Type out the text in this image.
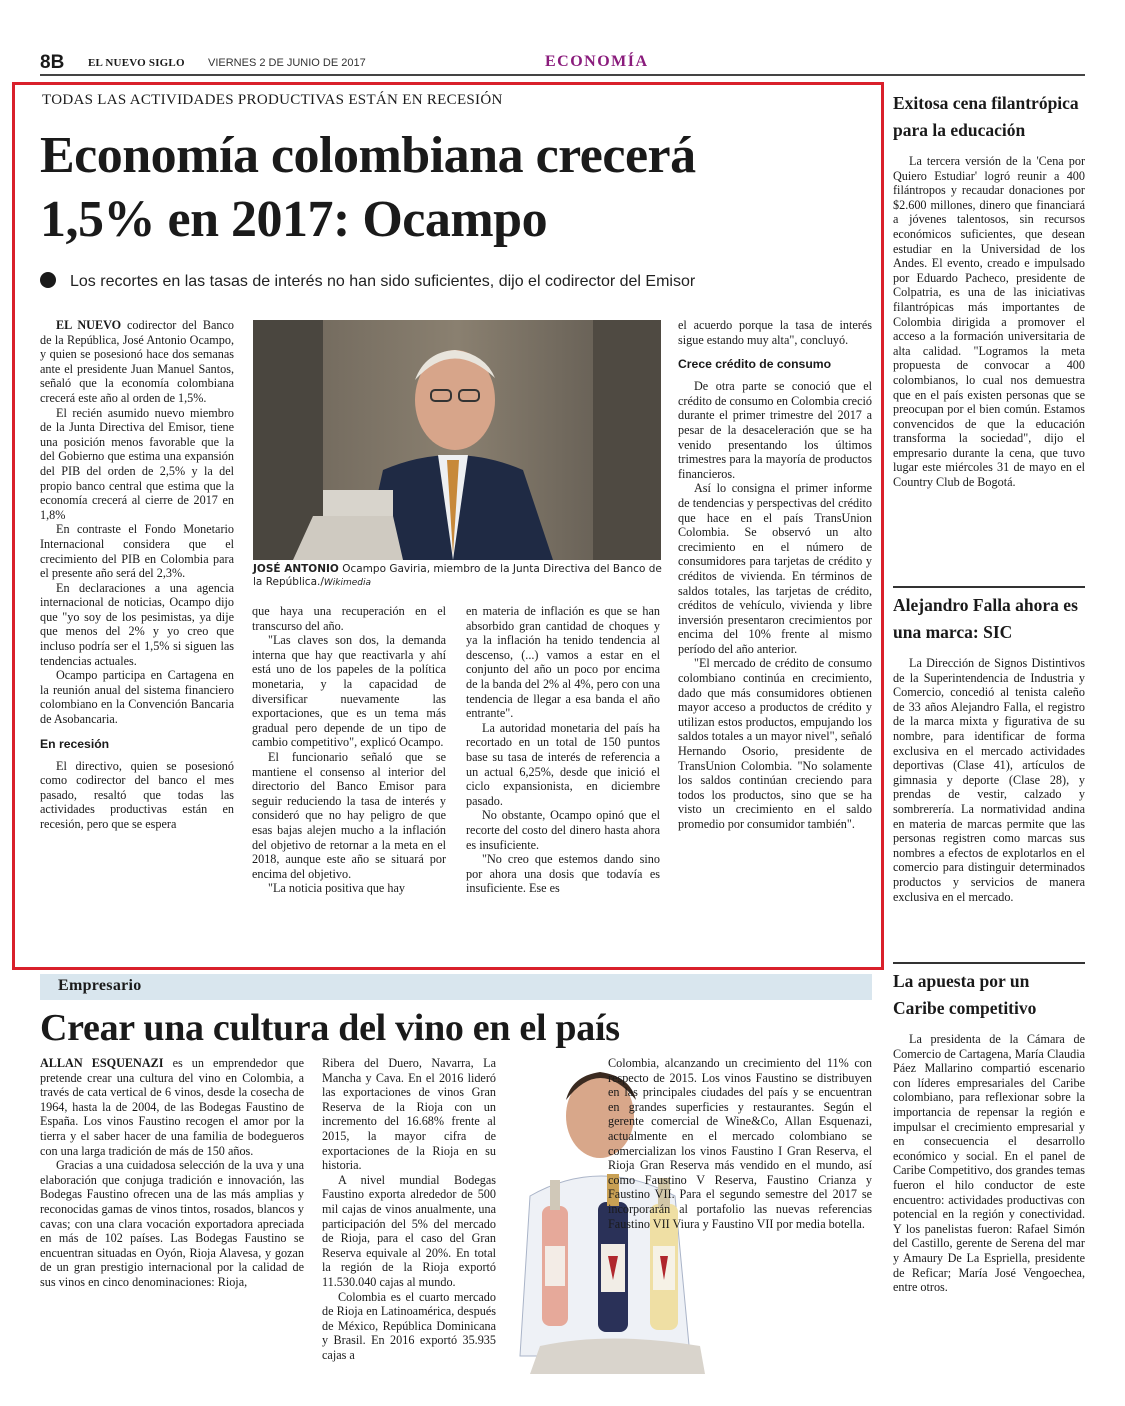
8B EL NUEVO SIGLO VIERNES 2 DE JUNIO DE 2017	ECONOMÍA
TODAS LAS ACTIVIDADES PRODUCTIVAS ESTÁN EN RECESIÓN
Economía colombiana crecerá
1,5% en 2017: Ocampo
Los recortes en las tasas de interés no han sido suficientes, dijo el codirector del Emisor

EL NUEVO codirector del Banco de la República, José Antonio Ocampo, y quien se posesionó hace dos semanas ante el presidente Juan Manuel Santos, señaló que la economía colombiana crecerá este año al orden de 1,5%.

El recién asumido nuevo miembro de la Junta Directiva del Emisor, tiene una posición menos favorable que la del Gobierno que estima una expansión del PIB del orden de 2,5% y la del propio banco central que estima que la economía crecerá al cierre de 2017 en 1,8%

En contraste el Fondo Monetario Internacional considera que el crecimiento del PIB en Colombia para el presente año será del 2,3%.

En declaraciones a una agencia internacional de noticias, Ocampo dijo que "yo soy de los pesimistas, ya dije que menos del 2% y yo creo que incluso podría ser el 1,5% si siguen las tendencias actuales.

Ocampo participa en Cartagena en la reunión anual del sistema financiero colombiano en la Convención Bancaria de Asobancaria.

En recesión

El directivo, quien se posesionó como codirector del banco el mes pasado, resaltó que todas las actividades productivas están en recesión, pero que se espera

JOSÉ ANTONIO Ocampo Gaviria, miembro de la Junta Directiva del Banco de la República./Wikimedia

que haya una recuperación en el transcurso del año.

"Las claves son dos, la demanda interna que hay que reactivarla y ahí está uno de los papeles de la política monetaria, y la capacidad de diversificar nuevamente las exportaciones, que es un tema más gradual pero depende de un tipo de cambio competitivo", explicó Ocampo.

El funcionario señaló que se mantiene el consenso al interior del directorio del Banco Emisor para seguir reduciendo la tasa de interés y consideró que no hay peligro de que esas bajas alejen mucho a la inflación del objetivo de retornar a la meta en el 2018, aunque este año se situará por encima del objetivo.

"La noticia positiva que hay

en materia de inflación es que se han absorbido gran cantidad de choques y ya la inflación ha tenido tendencia al descenso, (...) vamos a estar en el conjunto del año un poco por encima de la banda del 2% al 4%, pero con una tendencia de llegar a esa banda el año entrante".

La autoridad monetaria del país ha recortado en un total de 150 puntos base su tasa de interés de referencia a un actual 6,25%, desde que inició el ciclo expansionista, en diciembre pasado.

No obstante, Ocampo opinó que el recorte del costo del dinero hasta ahora es insuficiente.

"No creo que estemos dando sino por ahora una dosis que todavía es insuficiente. Ese es

el acuerdo porque la tasa de interés sigue estando muy alta", concluyó.

Crece crédito de consumo

De otra parte se conoció que el crédito de consumo en Colombia creció durante el primer trimestre del 2017 a pesar de la desaceleración que se ha venido presentando los últimos trimestres para la mayoría de productos financieros.

Así lo consigna el primer informe de tendencias y perspectivas del crédito que hace en el país TransUnion Colombia. Se observó un alto crecimiento en el número de consumidores para tarjetas de crédito y créditos de vivienda. En términos de saldos totales, las tarjetas de crédito, créditos de vehículo, vivienda y libre inversión presentaron crecimientos por encima del 10% frente al mismo período del año anterior.

"El mercado de crédito de consumo colombiano continúa en crecimiento, dado que más consumidores obtienen mayor acceso a productos de crédito y utilizan estos productos, empujando los saldos totales a un mayor nivel", señaló Hernando Osorio, presidente de TransUnion Colombia. "No solamente los saldos continúan creciendo para todos los productos, sino que se ha visto un crecimiento en el saldo promedio por consumidor también".

Exitosa cena filantrópica para la educación
La tercera versión de la 'Cena por Quiero Estudiar' logró reunir a 400 filántropos y recaudar donaciones por $2.600 millones, dinero que financiará a jóvenes talentosos, sin recursos económicos suficientes, que desean estudiar en la Universidad de los Andes. El evento, creado e impulsado por Eduardo Pacheco, presidente de Colpatria, es una de las iniciativas filantrópicas más importantes de Colombia dirigida a promover el acceso a la formación universitaria de alta calidad. "Logramos la meta propuesta de convocar a 400 colombianos, lo cual nos demuestra que en el país existen personas que se preocupan por el bien común. Estamos convencidos de que la educación transforma la sociedad", dijo el empresario durante la cena, que tuvo lugar este miércoles 31 de mayo en el Country Club de Bogotá.
Alejandro Falla ahora es una marca: SIC
La Dirección de Signos Distintivos de la Superintendencia de Industria y Comercio, concedió al tenista caleño de 33 años Alejandro Falla, el registro de la marca mixta y figurativa de su nombre, para identificar de forma exclusiva en el mercado actividades deportivas (Clase 41), artículos de gimnasia y deporte (Clase 28), y prendas de vestir, calzado y sombrerería. La normatividad andina en materia de marcas permite que las personas registren como marcas sus nombres a efectos de explotarlos en el comercio para distinguir determinados productos y servicios de manera exclusiva en el mercado.
La apuesta por un Caribe competitivo
La presidenta de la Cámara de Comercio de Cartagena, María Claudia Páez Mallarino compartió escenario con líderes empresariales del Caribe colombiano, para reflexionar sobre la importancia de repensar la región e impulsar el crecimiento empresarial y en consecuencia el desarrollo económico y social. En el panel de Caribe Competitivo, dos grandes temas fueron el hilo conductor de este encuentro: actividades productivas con potencial en la región y conectividad. Y los panelistas fueron: Rafael Simón del Castillo, gerente de Serena del mar y Amaury De La Espriella, presidente de Reficar; María José Vengoechea, entre otros.
Empresario
Crear una cultura del vino en el país

ALLAN ESQUENAZI es un emprendedor que pretende crear una cultura del vino en Colombia, a través de cata vertical de 6 vinos, desde la cosecha de 1964, hasta la de 2004, de las Bodegas Faustino de España. Los vinos Faustino recogen el amor por la tierra y el saber hacer de una familia de bodegueros con una larga tradición de más de 150 años.

Gracias a una cuidadosa selección de la uva y una elaboración que conjuga tradición e innovación, las Bodegas Faustino ofrecen una de las más amplias y reconocidas gamas de vinos tintos, rosados, blancos y cavas; con una clara vocación exportadora apreciada en más de 102 países. Las Bodegas Faustino se encuentran situadas en Oyón, Rioja Alavesa, y gozan de un gran prestigio internacional por la calidad de sus vinos en cinco denominaciones: Rioja,

Ribera del Duero, Navarra, La Mancha y Cava. En el 2016 lideró las exportaciones de vinos Gran Reserva de la Rioja con un incremento del 16.68% frente al 2015, la mayor cifra de exportaciones de la Rioja en su historia.

A nivel mundial Bodegas Faustino exporta alrededor de 500 mil cajas de vinos anualmente, una participación del 5% del mercado de Rioja, para el caso del Gran Reserva equivale al 20%. En total la región de la Rioja exportó 11.530.040 cajas al mundo.

Colombia es el cuarto mercado de Rioja en Latinoamérica, después de México, República Dominicana y Brasil. En 2016 exportó 35.935 cajas a

Colombia, alcanzando un crecimiento del 11% con respecto de 2015. Los vinos Faustino se distribuyen en las principales ciudades del país y se encuentran en grandes superficies y restaurantes. Según el gerente comercial de Wine&Co, Allan Esquenazi, actualmente en el mercado colombiano se comercializan los vinos Faustino I Gran Reserva, el Rioja Gran Reserva más vendido en el mundo, así como Faustino V Reserva, Faustino Crianza y Faustino VII. Para el segundo semestre del 2017 se incorporarán al portafolio las nuevas referencias Faustino VII Viura y Faustino VII por media botella.
